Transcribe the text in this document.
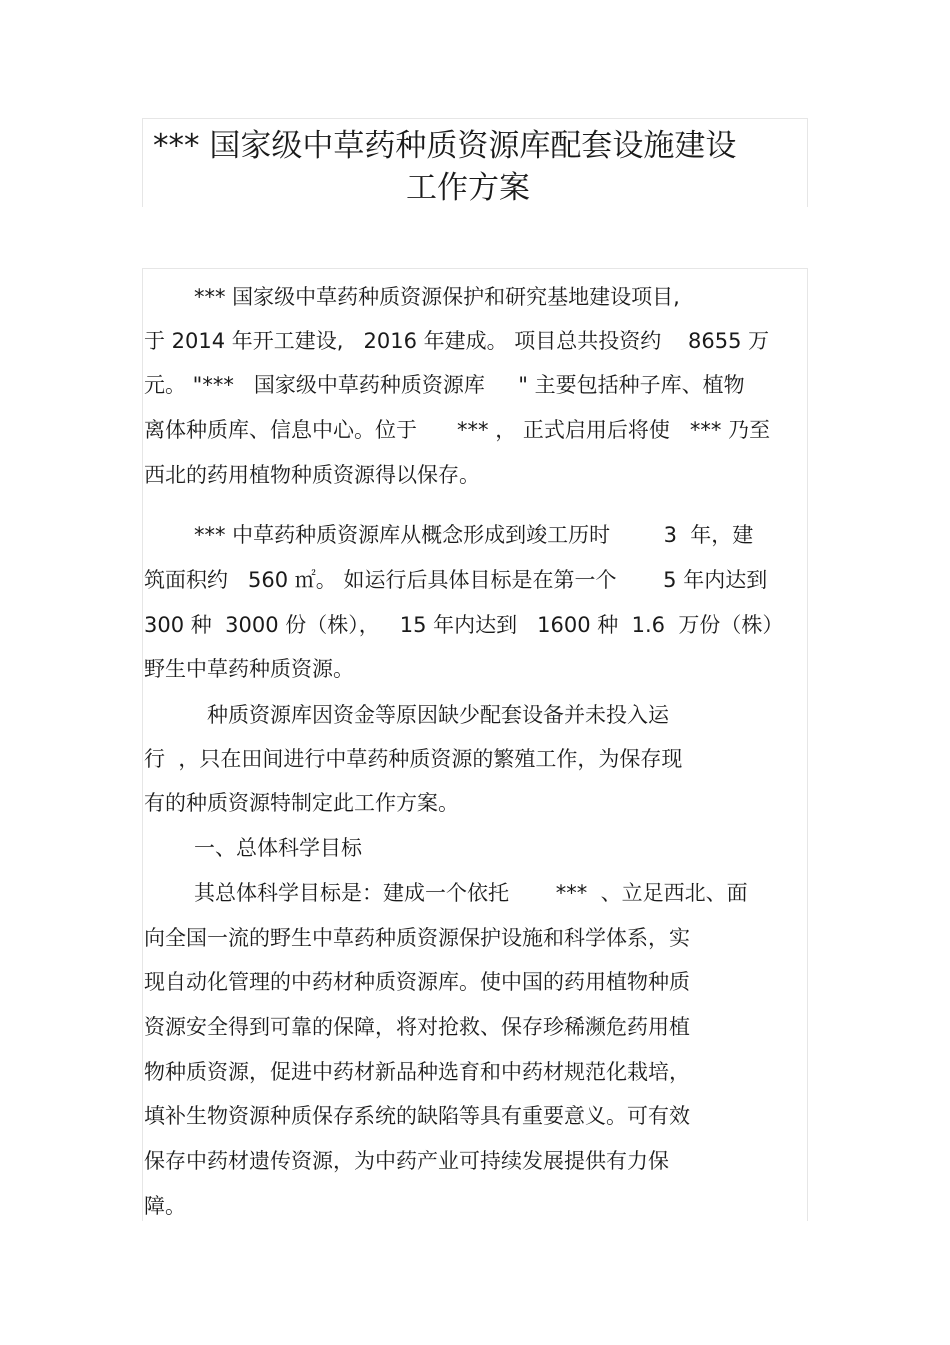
*** 国家级中草药种质资源库配套设施建设
工作方案
*** 国家级中草药种质资源保护和研究基地建设项目,
于 2014 年开工建设,   2016 年建成。 项目总共投资约    8655 万
元。 "***   国家级中草药种质资源库     " 主要包括种子库、植物
离体种质库、信息中心。位于      *** ， 正式启用后将使   *** 乃至
西北的药用植物种质资源得以保存。
*** 中草药种质资源库从概念形成到竣工历时        3  年，建
筑面积约   560 ㎡。 如运行后具体目标是在第一个       5 年内达到
300 种  3000 份（株），   15 年内达到   1600 种  1.6  万份（株）
野生中草药种质资源。
种质资源库因资金等原因缺少配套设备并未投入运
行  ，只在田间进行中草药种质资源的繁殖工作，为保存现
有的种质资源特制定此工作方案。
一、总体科学目标
其总体科学目标是：建成一个依托       ***  、立足西北、面
向全国一流的野生中草药种质资源保护设施和科学体系，实
现自动化管理的中药材种质资源库。使中国的药用植物种质
资源安全得到可靠的保障，将对抢救、保存珍稀濒危药用植
物种质资源，促进中药材新品种选育和中药材规范化栽培，
填补生物资源种质保存系统的缺陷等具有重要意义。可有效
保存中药材遗传资源，为中药产业可持续发展提供有力保
障。
